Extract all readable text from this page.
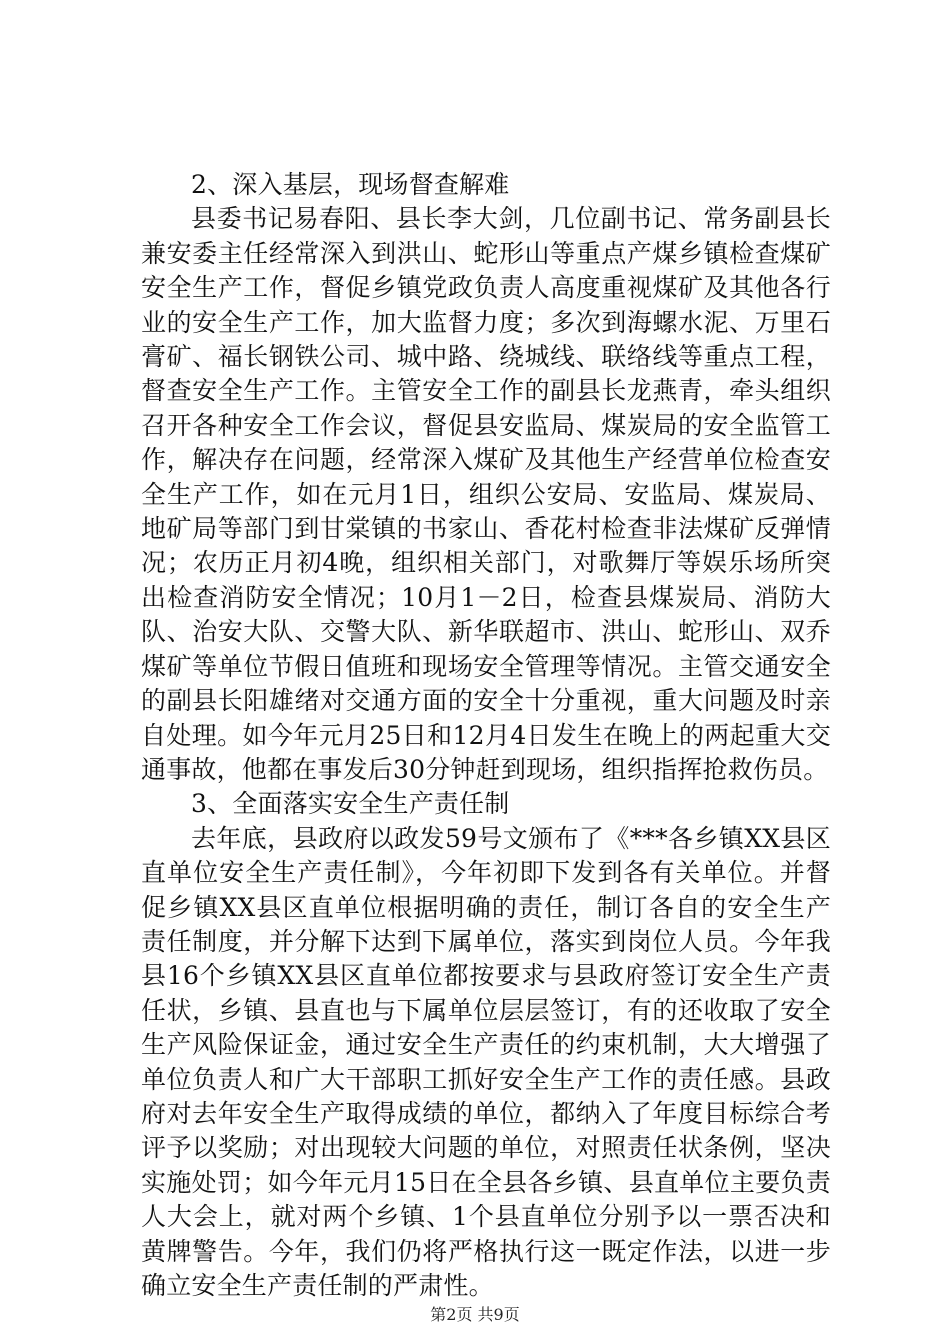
2、深入基层，现场督查解难

县委书记易春阳、县长李大剑，几位副书记、常务副县长兼安委主任经常深入到洪山、蛇形山等重点产煤乡镇检查煤矿安全生产工作，督促乡镇党政负责人高度重视煤矿及其他各行业的安全生产工作，加大监督力度；多次到海螺水泥、万里石膏矿、福长钢铁公司、城中路、绕城线、联络线等重点工程，督查安全生产工作。主管安全工作的副县长龙燕青，牵头组织召开各种安全工作会议，督促县安监局、煤炭局的安全监管工作，解决存在问题，经常深入煤矿及其他生产经营单位检查安全生产工作，如在元月1日，组织公安局、安监局、煤炭局、地矿局等部门到甘棠镇的书家山、香花村检查非法煤矿反弹情况；农历正月初4晚，组织相关部门，对歌舞厅等娱乐场所突出检查消防安全情况；10月1－2日，检查县煤炭局、消防大队、治安大队、交警大队、新华联超市、洪山、蛇形山、双乔煤矿等单位节假日值班和现场安全管理等情况。主管交通安全的副县长阳雄绪对交通方面的安全十分重视，重大问题及时亲自处理。如今年元月25日和12月4日发生在晚上的两起重大交通事故，他都在事发后30分钟赶到现场，组织指挥抢救伤员。

3、全面落实安全生产责任制

去年底，县政府以政发59号文颁布了《***各乡镇XX县区直单位安全生产责任制》，今年初即下发到各有关单位。并督促乡镇XX县区直单位根据明确的责任，制订各自的安全生产责任制度，并分解下达到下属单位，落实到岗位人员。今年我县16个乡镇XX县区直单位都按要求与县政府签订安全生产责任状，乡镇、县直也与下属单位层层签订，有的还收取了安全生产风险保证金，通过安全生产责任的约束机制，大大增强了单位负责人和广大干部职工抓好安全生产工作的责任感。县政府对去年安全生产取得成绩的单位，都纳入了年度目标综合考评予以奖励；对出现较大问题的单位，对照责任状条例，坚决实施处罚；如今年元月15日在全县各乡镇、县直单位主要负责人大会上，就对两个乡镇、1个县直单位分别予以一票否决和黄牌警告。今年，我们仍将严格执行这一既定作法，以进一步确立安全生产责任制的严肃性。

第2页 共9页
